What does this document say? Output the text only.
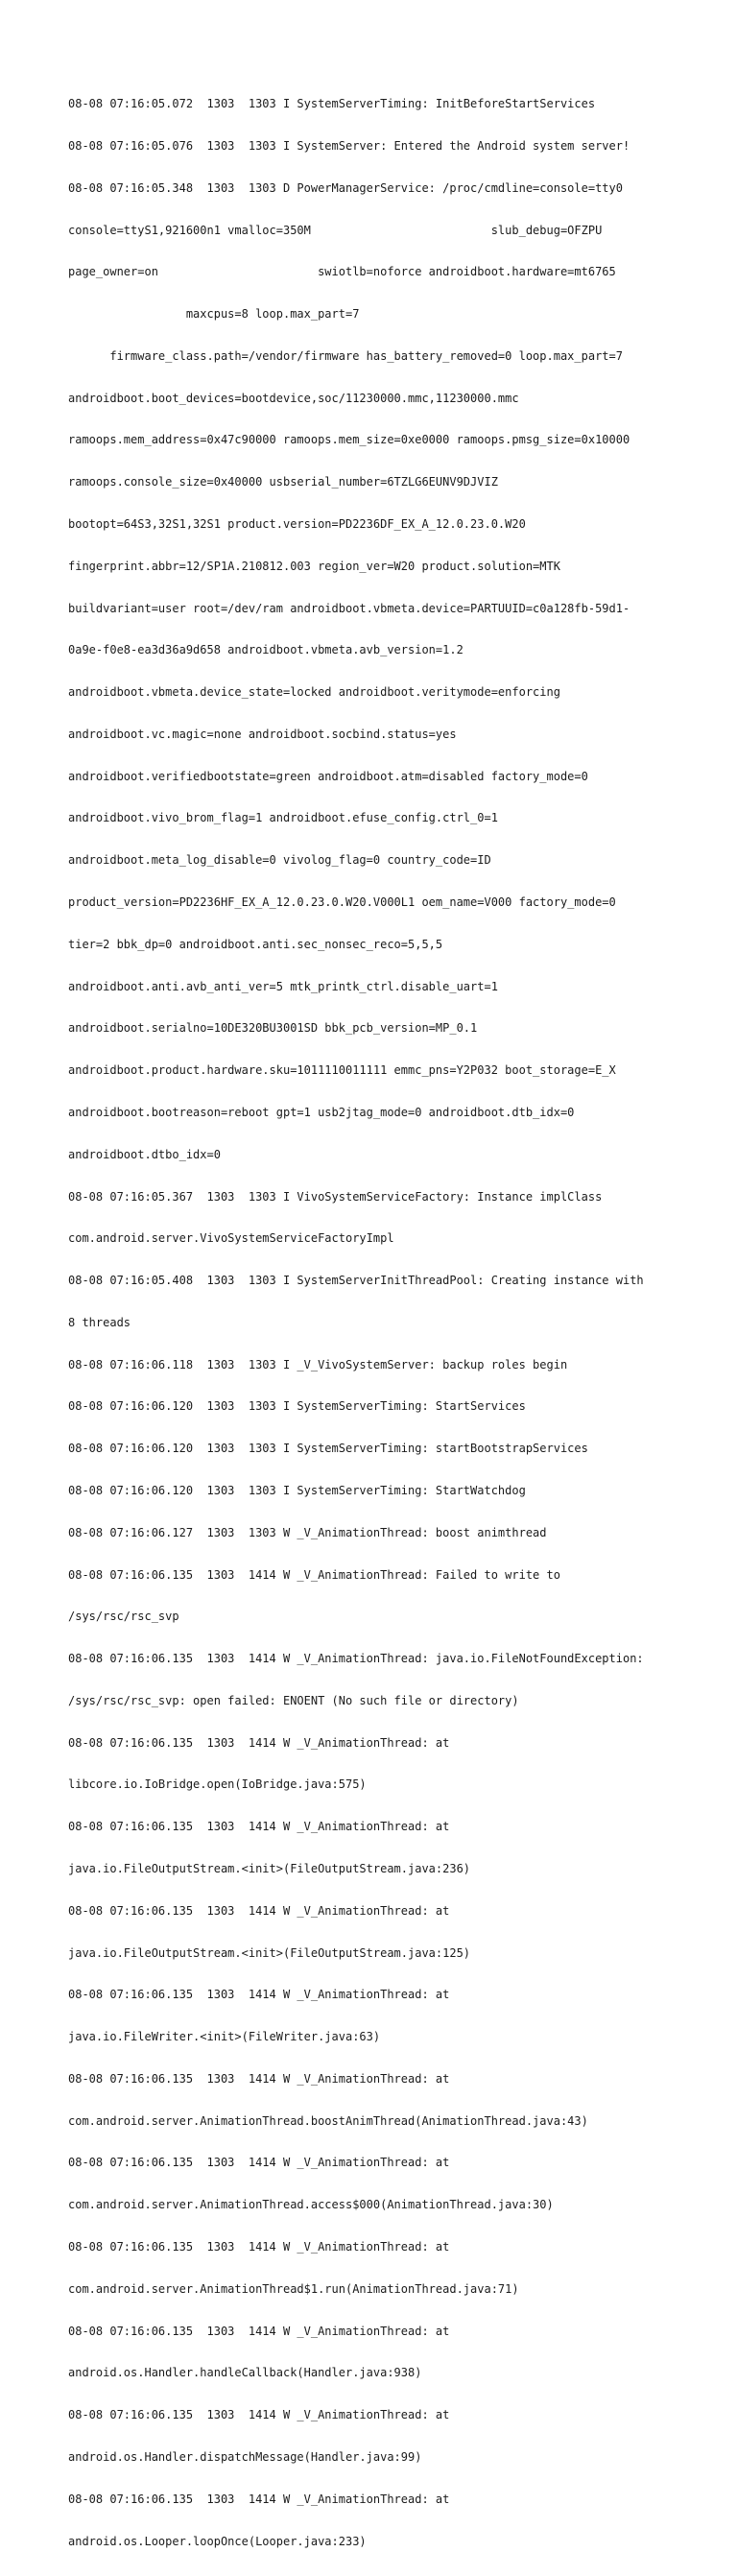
08-08 07:16:05.072  1303  1303 I SystemServerTiming: InitBeforeStartServices

08-08 07:16:05.076  1303  1303 I SystemServer: Entered the Android system server!

08-08 07:16:05.348  1303  1303 D PowerManagerService: /proc/cmdline=console=tty0

console=ttyS1,921600n1 vmalloc=350M                          slub_debug=OFZPU

page_owner=on                       swiotlb=noforce androidboot.hardware=mt6765

maxcpus=8 loop.max_part=7

firmware_class.path=/vendor/firmware has_battery_removed=0 loop.max_part=7

androidboot.boot_devices=bootdevice,soc/11230000.mmc,11230000.mmc

ramoops.mem_address=0x47c90000 ramoops.mem_size=0xe0000 ramoops.pmsg_size=0x10000

ramoops.console_size=0x40000 usbserial_number=6TZLG6EUNV9DJVIZ

bootopt=64S3,32S1,32S1 product.version=PD2236DF_EX_A_12.0.23.0.W20

fingerprint.abbr=12/SP1A.210812.003 region_ver=W20 product.solution=MTK

buildvariant=user root=/dev/ram androidboot.vbmeta.device=PARTUUID=c0a128fb-59d1-

0a9e-f0e8-ea3d36a9d658 androidboot.vbmeta.avb_version=1.2

androidboot.vbmeta.device_state=locked androidboot.veritymode=enforcing

androidboot.vc.magic=none androidboot.socbind.status=yes

androidboot.verifiedbootstate=green androidboot.atm=disabled factory_mode=0

androidboot.vivo_brom_flag=1 androidboot.efuse_config.ctrl_0=1

androidboot.meta_log_disable=0 vivolog_flag=0 country_code=ID

product_version=PD2236HF_EX_A_12.0.23.0.W20.V000L1 oem_name=V000 factory_mode=0

tier=2 bbk_dp=0 androidboot.anti.sec_nonsec_reco=5,5,5

androidboot.anti.avb_anti_ver=5 mtk_printk_ctrl.disable_uart=1

androidboot.serialno=10DE320BU3001SD bbk_pcb_version=MP_0.1

androidboot.product.hardware.sku=1011110011111 emmc_pns=Y2P032 boot_storage=E_X

androidboot.bootreason=reboot gpt=1 usb2jtag_mode=0 androidboot.dtb_idx=0

androidboot.dtbo_idx=0

08-08 07:16:05.367  1303  1303 I VivoSystemServiceFactory: Instance implClass

com.android.server.VivoSystemServiceFactoryImpl

08-08 07:16:05.408  1303  1303 I SystemServerInitThreadPool: Creating instance with

8 threads

08-08 07:16:06.118  1303  1303 I _V_VivoSystemServer: backup roles begin

08-08 07:16:06.120  1303  1303 I SystemServerTiming: StartServices

08-08 07:16:06.120  1303  1303 I SystemServerTiming: startBootstrapServices

08-08 07:16:06.120  1303  1303 I SystemServerTiming: StartWatchdog

08-08 07:16:06.127  1303  1303 W _V_AnimationThread: boost animthread

08-08 07:16:06.135  1303  1414 W _V_AnimationThread: Failed to write to

/sys/rsc/rsc_svp

08-08 07:16:06.135  1303  1414 W _V_AnimationThread: java.io.FileNotFoundException:

/sys/rsc/rsc_svp: open failed: ENOENT (No such file or directory)

08-08 07:16:06.135  1303  1414 W _V_AnimationThread: at

libcore.io.IoBridge.open(IoBridge.java:575)

08-08 07:16:06.135  1303  1414 W _V_AnimationThread: at

java.io.FileOutputStream.<init>(FileOutputStream.java:236)

08-08 07:16:06.135  1303  1414 W _V_AnimationThread: at

java.io.FileOutputStream.<init>(FileOutputStream.java:125)

08-08 07:16:06.135  1303  1414 W _V_AnimationThread: at

java.io.FileWriter.<init>(FileWriter.java:63)

08-08 07:16:06.135  1303  1414 W _V_AnimationThread: at

com.android.server.AnimationThread.boostAnimThread(AnimationThread.java:43)

08-08 07:16:06.135  1303  1414 W _V_AnimationThread: at

com.android.server.AnimationThread.access$000(AnimationThread.java:30)

08-08 07:16:06.135  1303  1414 W _V_AnimationThread: at

com.android.server.AnimationThread$1.run(AnimationThread.java:71)

08-08 07:16:06.135  1303  1414 W _V_AnimationThread: at

android.os.Handler.handleCallback(Handler.java:938)

08-08 07:16:06.135  1303  1414 W _V_AnimationThread: at

android.os.Handler.dispatchMessage(Handler.java:99)

08-08 07:16:06.135  1303  1414 W _V_AnimationThread: at

android.os.Looper.loopOnce(Looper.java:233)
